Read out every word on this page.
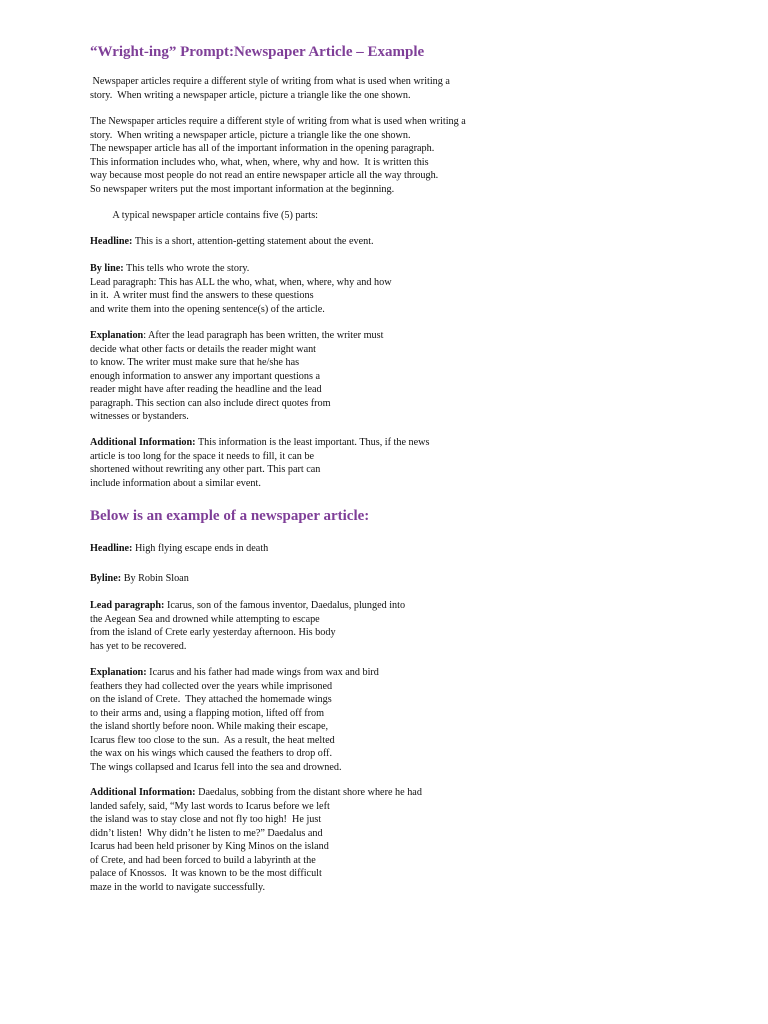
“Wright-ing” Prompt:Newspaper Article – Example
Newspaper articles require a different style of writing from what is used when writing a
story.  When writing a newspaper article, picture a triangle like the one shown.
The Newspaper articles require a different style of writing from what is used when writing a
story.  When writing a newspaper article, picture a triangle like the one shown.
The newspaper article has all of the important information in the opening paragraph.
This information includes who, what, when, where, why and how.  It is written this
way because most people do not read an entire newspaper article all the way through.
So newspaper writers put the most important information at the beginning.
A typical newspaper article contains five (5) parts:
Headline: This is a short, attention-getting statement about the event.
By line: This tells who wrote the story.
Lead paragraph: This has ALL the who, what, when, where, why and how
in it.  A writer must find the answers to these questions
and write them into the opening sentence(s) of the article.
Explanation: After the lead paragraph has been written, the writer must
decide what other facts or details the reader might want
to know. The writer must make sure that he/she has
enough information to answer any important questions a
reader might have after reading the headline and the lead
paragraph. This section can also include direct quotes from
witnesses or bystanders.
Additional Information: This information is the least important. Thus, if the news
article is too long for the space it needs to fill, it can be
shortened without rewriting any other part. This part can
include information about a similar event.
Below is an example of a newspaper article:
Headline: High flying escape ends in death
Byline: By Robin Sloan
Lead paragraph: Icarus, son of the famous inventor, Daedalus, plunged into
the Aegean Sea and drowned while attempting to escape
from the island of Crete early yesterday afternoon. His body
has yet to be recovered.
Explanation: Icarus and his father had made wings from wax and bird
feathers they had collected over the years while imprisoned
on the island of Crete.  They attached the homemade wings
to their arms and, using a flapping motion, lifted off from
the island shortly before noon. While making their escape,
Icarus flew too close to the sun.  As a result, the heat melted
the wax on his wings which caused the feathers to drop off.
The wings collapsed and Icarus fell into the sea and drowned.
Additional Information: Daedalus, sobbing from the distant shore where he had
landed safely, said, “My last words to Icarus before we left
the island was to stay close and not fly too high!  He just
didn’t listen!  Why didn’t he listen to me?” Daedalus and
Icarus had been held prisoner by King Minos on the island
of Crete, and had been forced to build a labyrinth at the
palace of Knossos.  It was known to be the most difficult
maze in the world to navigate successfully.
